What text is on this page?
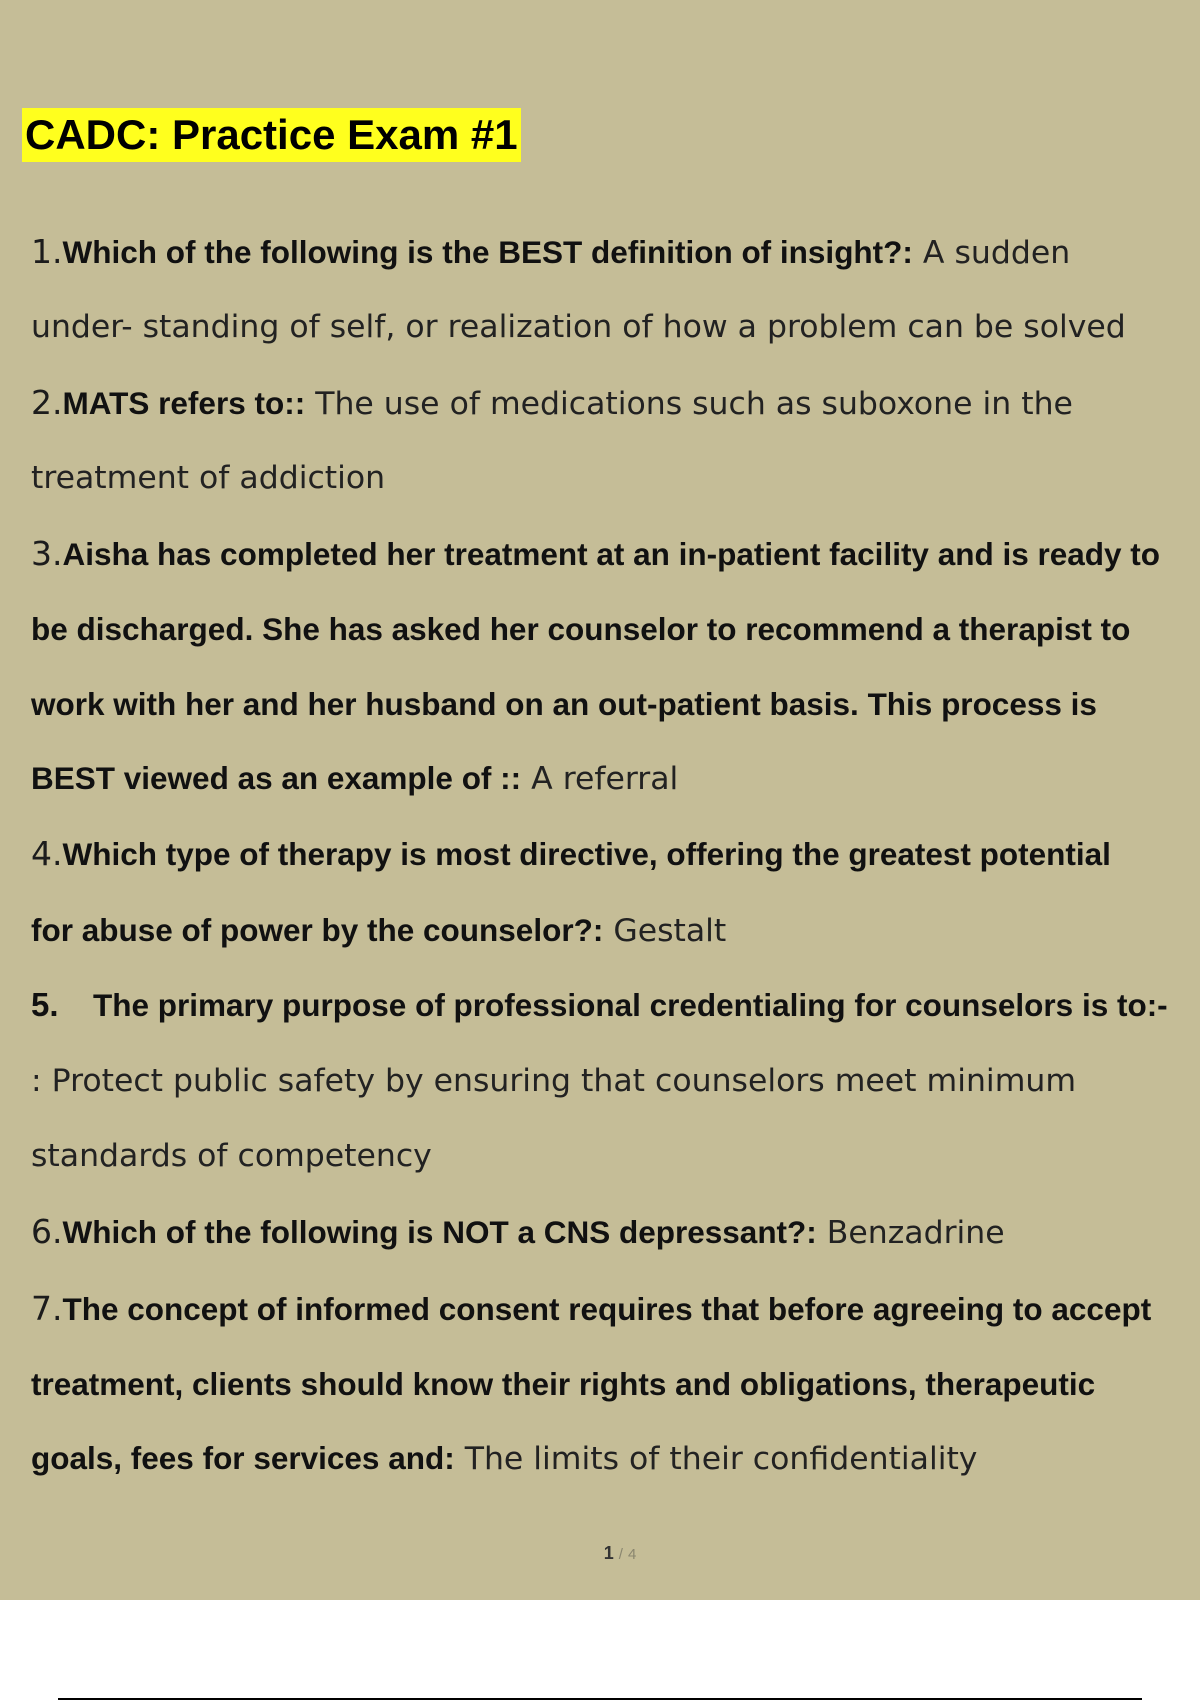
CADC: Practice Exam #1
1.Which of the following is the BEST definition of insight?: A sudden
under- standing of self, or realization of how a problem can be solved
2.MATS refers to:: The use of medications such as suboxone in the
treatment of addiction
3.Aisha has completed her treatment at an in-patient facility and is ready to
be discharged. She has asked her counselor to recommend a therapist to
work with her and her husband on an out-patient basis. This process is
BEST viewed as an example of :: A referral
4.Which type of therapy is most directive, offering the greatest potential
for abuse of power by the counselor?: Gestalt
5. The primary purpose of professional credentialing for counselors is to:-
: Protect public safety by ensuring that counselors meet minimum
standards of competency
6.Which of the following is NOT a CNS depressant?: Benzadrine
7.The concept of informed consent requires that before agreeing to accept
treatment, clients should know their rights and obligations, therapeutic
goals, fees for services and: The limits of their confidentiality
1 / 4
